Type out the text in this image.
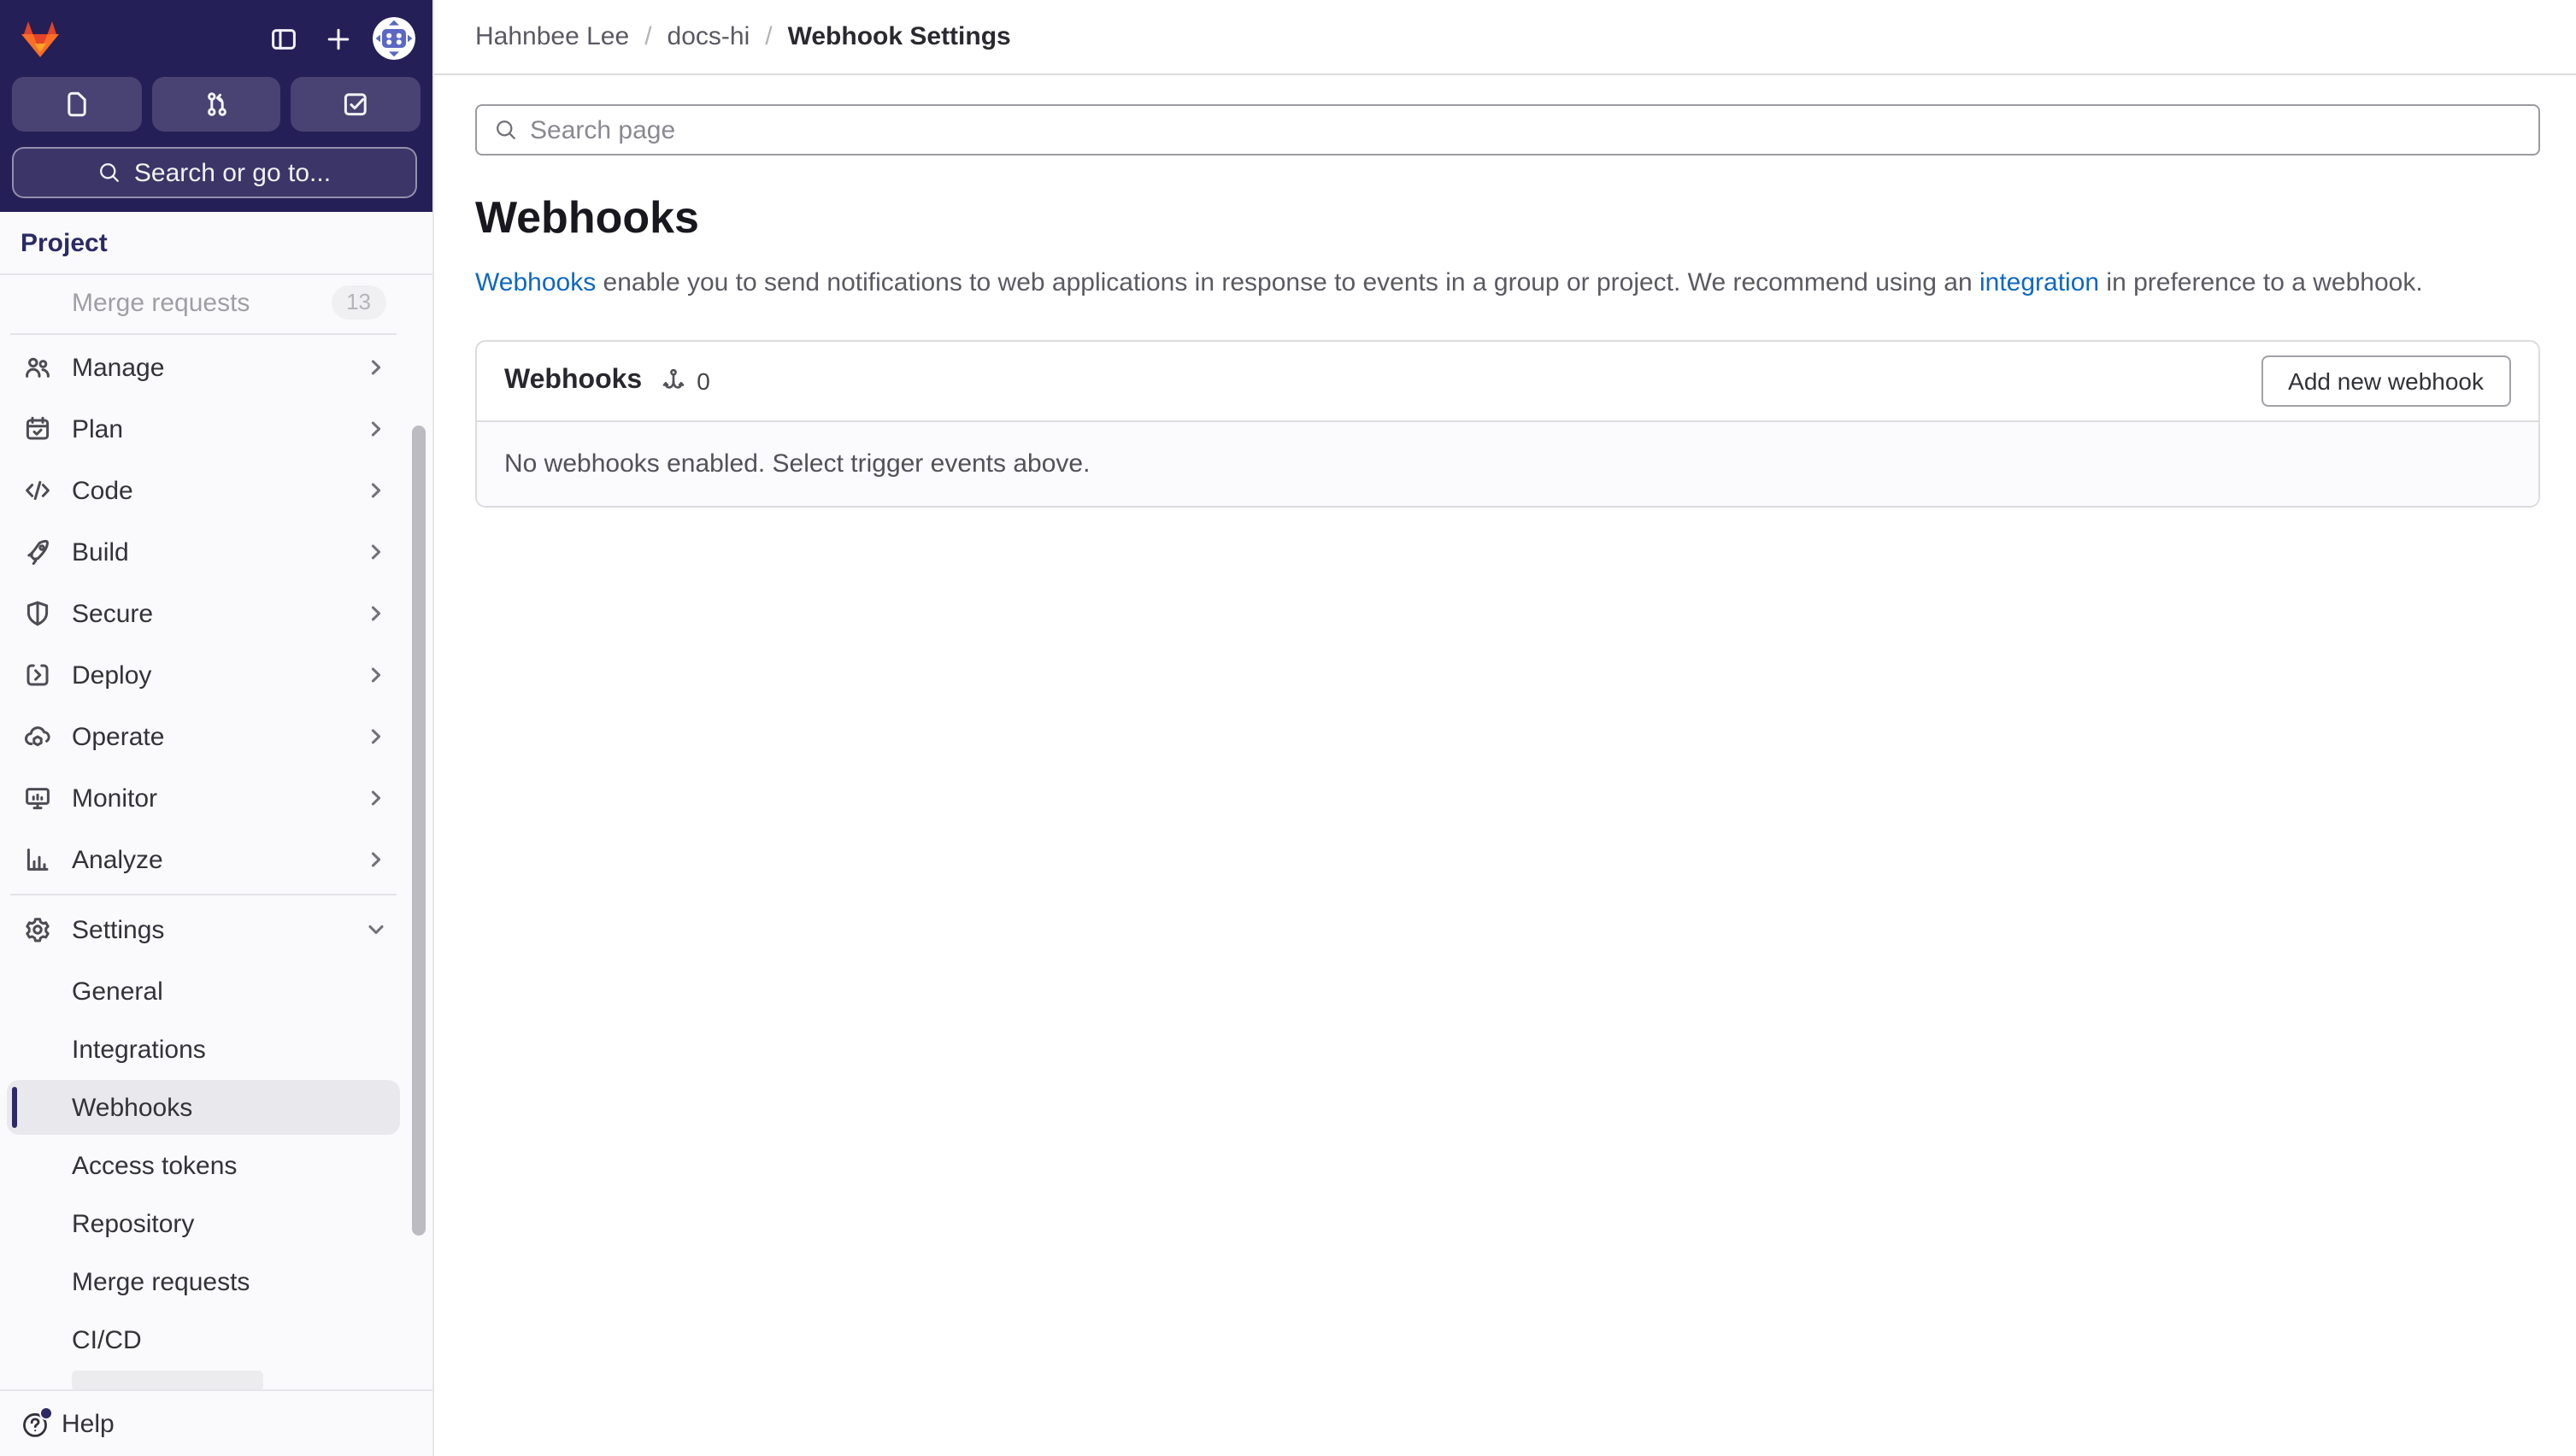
Search or go to...
Project
Merge requests	13
Manage
Plan
Code
Build
Secure
Deploy
Operate
Monitor
Analyze
Settings
General
Integrations
Webhooks
Access tokens
Repository
Merge requests
CI/CD
Help
Hahnbee Lee / docs-hi / Webhook Settings
Search page
Webhooks

Webhooks enable you to send notifications to web applications in response to events in a group or project. We recommend using an integration in preference to a webhook.

Webhooks	0	Add new webhook
No webhooks enabled. Select trigger events above.
